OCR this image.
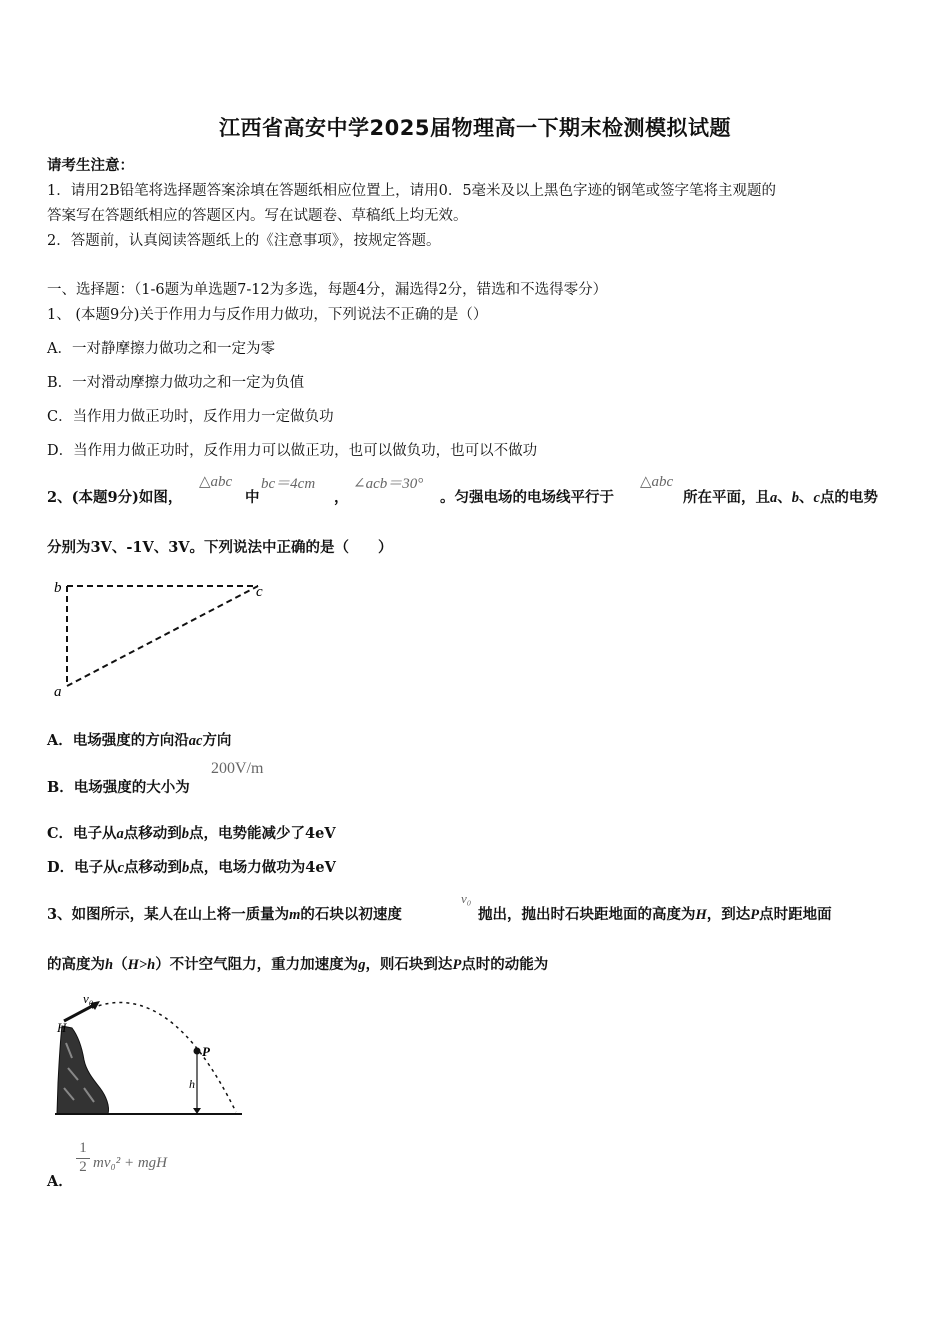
江西省高安中学2025届物理高一下期末检测模拟试题
请考生注意：
1．请用2B铅笔将选择题答案涂填在答题纸相应位置上，请用0．5毫米及以上黑色字迹的钢笔或签字笔将主观题的
答案写在答题纸相应的答题区内。写在试题卷、草稿纸上均无效。
2．答题前，认真阅读答题纸上的《注意事项》，按规定答题。
一、选择题：（1-6题为单选题7-12为多选，每题4分，漏选得2分，错选和不选得零分）
1、 (本题9分)关于作用力与反作用力做功，下列说法不正确的是（）
A．一对静摩擦力做功之和一定为零
B．一对滑动摩擦力做功之和一定为负值
C．当作用力做正功时，反作用力一定做负功
D．当作用力做正功时，反作用力可以做正功，也可以做负功，也可以不做功
2、(本题9分)如图，
△abc
中
bc＝4cm
，
∠acb＝30°
。匀强电场的电场线平行于
△abc
所在平面，且a、b、c点的电势
分别为3V、-1V、3V。下列说法中正确的是（　　）
b	c
a
A．电场强度的方向沿ac方向
B．电场强度的大小为
200V/m
C．电子从a点移动到b点，电势能减少了4eV
D．电子从c点移动到b点，电场力做功为4eV
3、如图所示，某人在山上将一质量为m的石块以初速度
v₀
抛出，抛出时石块距地面的高度为H，到达P点时距地面
的高度为h（H>h）不计空气阻力，重力加速度为g，则石块到达P点时的动能为
v₀
H
P
h
A．
$\frac{1}{2} mv_0^2$ + mgH
